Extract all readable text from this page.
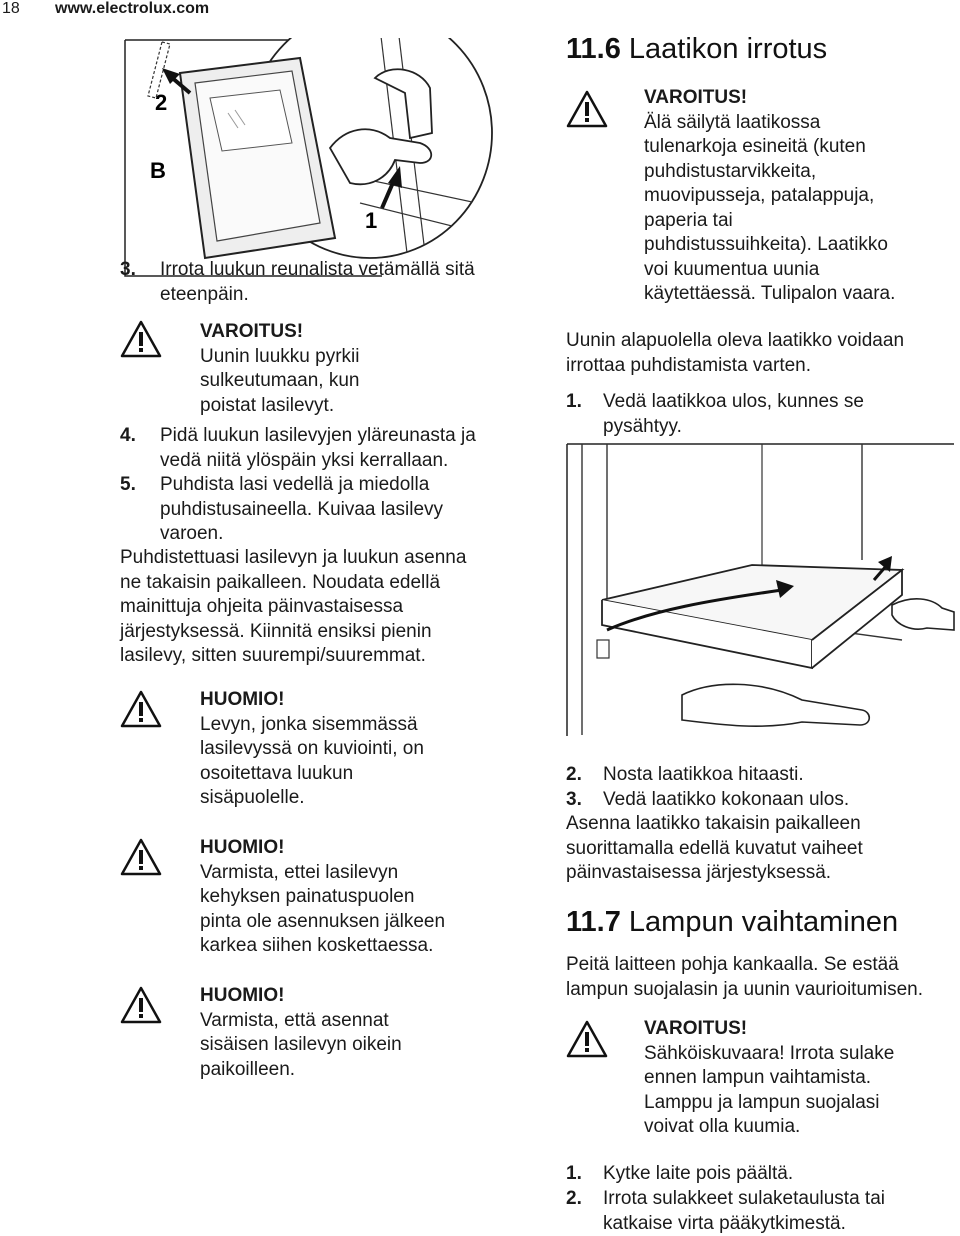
18 www.electrolux.com
B
2
1
3. Irrota luukun reunalista vetämällä sitä

eteenpäin.

VAROITUS!

Uunin luukku pyrkii

sulkeutumaan, kun

poistat lasilevyt.

4. Pidä luukun lasilevyjen yläreunasta ja

vedä niitä ylöspäin yksi kerrallaan.

5. Puhdista lasi vedellä ja miedolla

puhdistusaineella. Kuivaa lasilevy

varoen.

Puhdistettuasi lasilevyn ja luukun asenna

ne takaisin paikalleen. Noudata edellä

mainittuja ohjeita päinvastaisessa

järjestyksessä. Kiinnitä ensiksi pienin

lasilevy, sitten suurempi/suuremmat.

HUOMIO!

Levyn, jonka sisemmässä

lasilevyssä on kuviointi, on

osoitettava luukun

sisäpuolelle.

HUOMIO!

Varmista, ettei lasilevyn

kehyksen painatuspuolen

pinta ole asennuksen jälkeen

karkea siihen koskettaessa.

HUOMIO!

Varmista, että asennat

sisäisen lasilevyn oikein

paikoilleen.

11.6 Laatikon irrotus

VAROITUS!

Älä säilytä laatikossa

tulenarkoja esineitä (kuten

puhdistustarvikkeita,

muovipusseja, patalappuja,

paperia tai

puhdistussuihkeita). Laatikko

voi kuumentua uunia

käytettäessä. Tulipalon vaara.

Uunin alapuolella oleva laatikko voidaan

irrottaa puhdistamista varten.

1. Vedä laatikkoa ulos, kunnes se

pysähtyy.

2. Nosta laatikkoa hitaasti.

3. Vedä laatikko kokonaan ulos.

Asenna laatikko takaisin paikalleen

suorittamalla edellä kuvatut vaiheet

päinvastaisessa järjestyksessä.

11.7 Lampun vaihtaminen

Peitä laitteen pohja kankaalla. Se estää

lampun suojalasin ja uunin vaurioitumisen.

VAROITUS!

Sähköiskuvaara! Irrota sulake

ennen lampun vaihtamista.

Lamppu ja lampun suojalasi

voivat olla kuumia.

1. Kytke laite pois päältä.

2. Irrota sulakkeet sulaketaulusta tai

katkaise virta pääkytkimestä.
